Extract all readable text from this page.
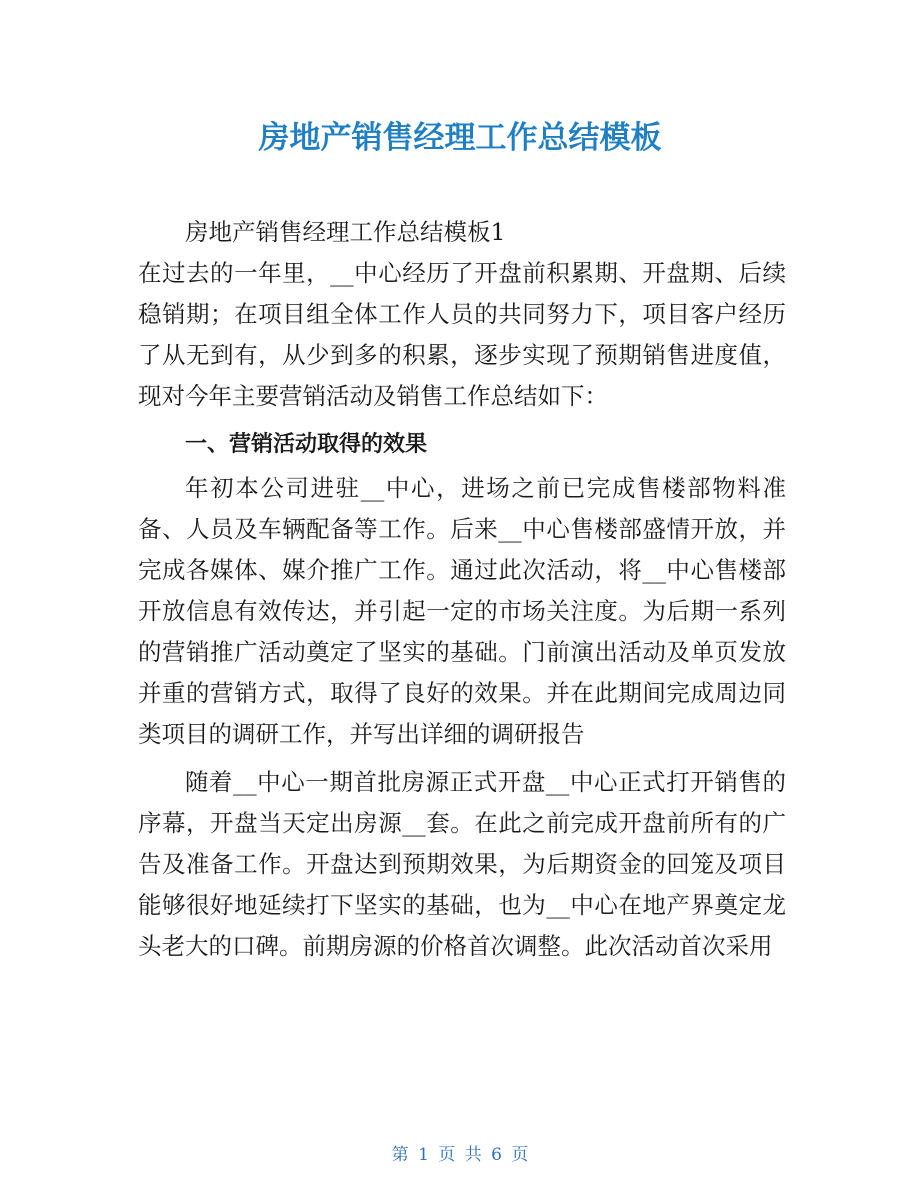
房地产销售经理工作总结模板

房地产销售经理工作总结模板1

在过去的一年里，__中心经历了开盘前积累期、开盘期、后续稳销期；在项目组全体工作人员的共同努力下，项目客户经历了从无到有，从少到多的积累，逐步实现了预期销售进度值，现对今年主要营销活动及销售工作总结如下：

一、营销活动取得的效果

年初本公司进驻__中心，进场之前已完成售楼部物料准备、人员及车辆配备等工作。后来__中心售楼部盛情开放，并完成各媒体、媒介推广工作。通过此次活动，将__中心售楼部开放信息有效传达，并引起一定的市场关注度。为后期一系列的营销推广活动奠定了坚实的基础。门前演出活动及单页发放并重的营销方式，取得了良好的效果。并在此期间完成周边同类项目的调研工作，并写出详细的调研报告

随着__中心一期首批房源正式开盘__中心正式打开销售的序幕，开盘当天定出房源__套。在此之前完成开盘前所有的广告及准备工作。开盘达到预期效果，为后期资金的回笼及项目能够很好地延续打下坚实的基础，也为__中心在地产界奠定龙头老大的口碑。前期房源的价格首次调整。此次活动首次采用

第 1 页 共 6 页
